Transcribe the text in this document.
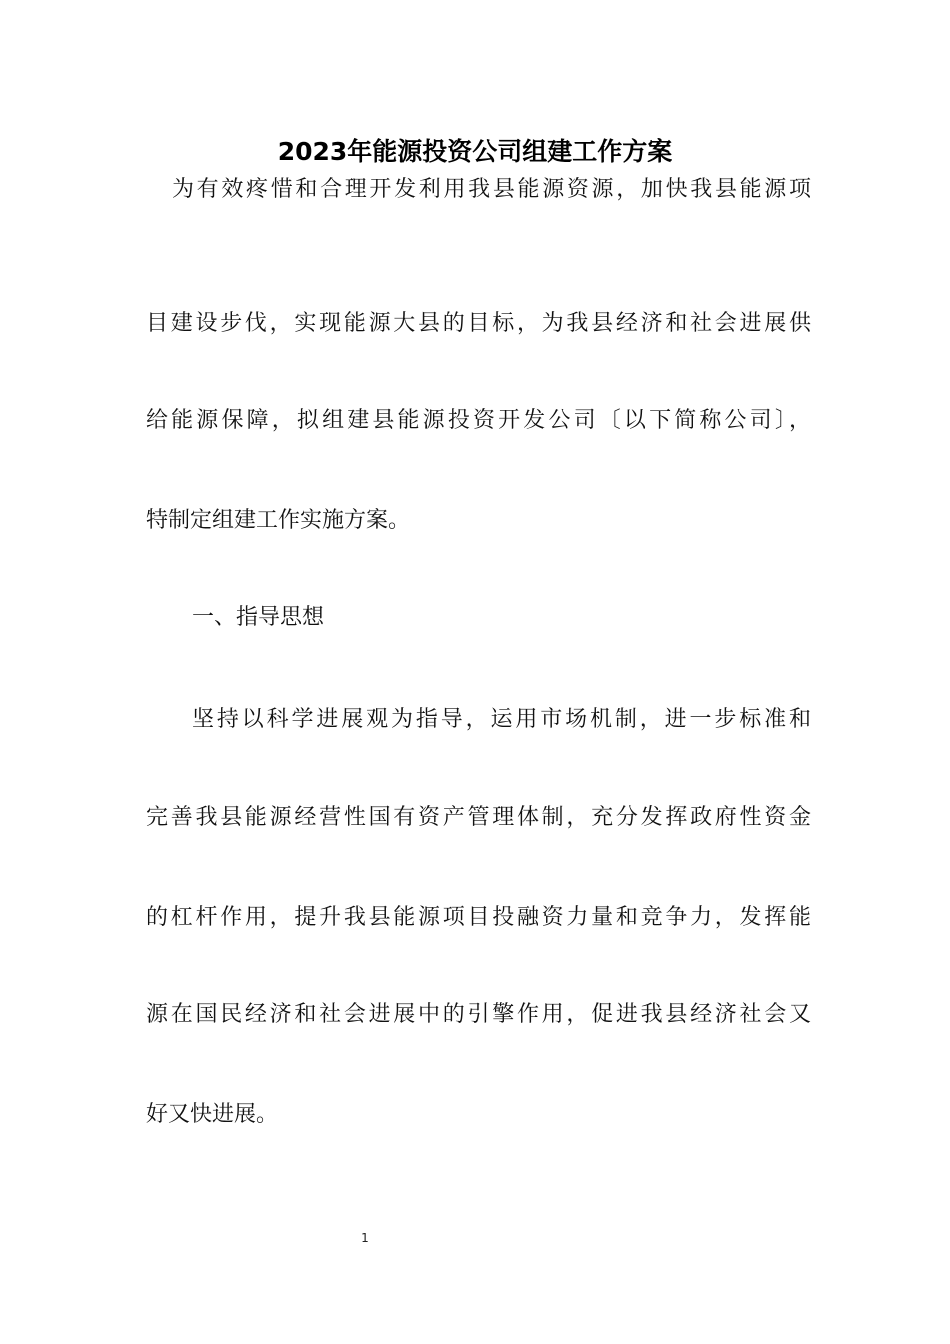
2023年能源投资公司组建工作方案
为有效疼惜和合理开发利用我县能源资源，加快我县能源项
目建设步伐，实现能源大县的目标，为我县经济和社会进展供
给能源保障，拟组建县能源投资开发公司〔以下简称公司〕，
特制定组建工作实施方案。
一、指导思想
坚持以科学进展观为指导，运用市场机制，进一步标准和
完善我县能源经营性国有资产管理体制，充分发挥政府性资金
的杠杆作用，提升我县能源项目投融资力量和竞争力，发挥能
源在国民经济和社会进展中的引擎作用，促进我县经济社会又
好又快进展。
1
